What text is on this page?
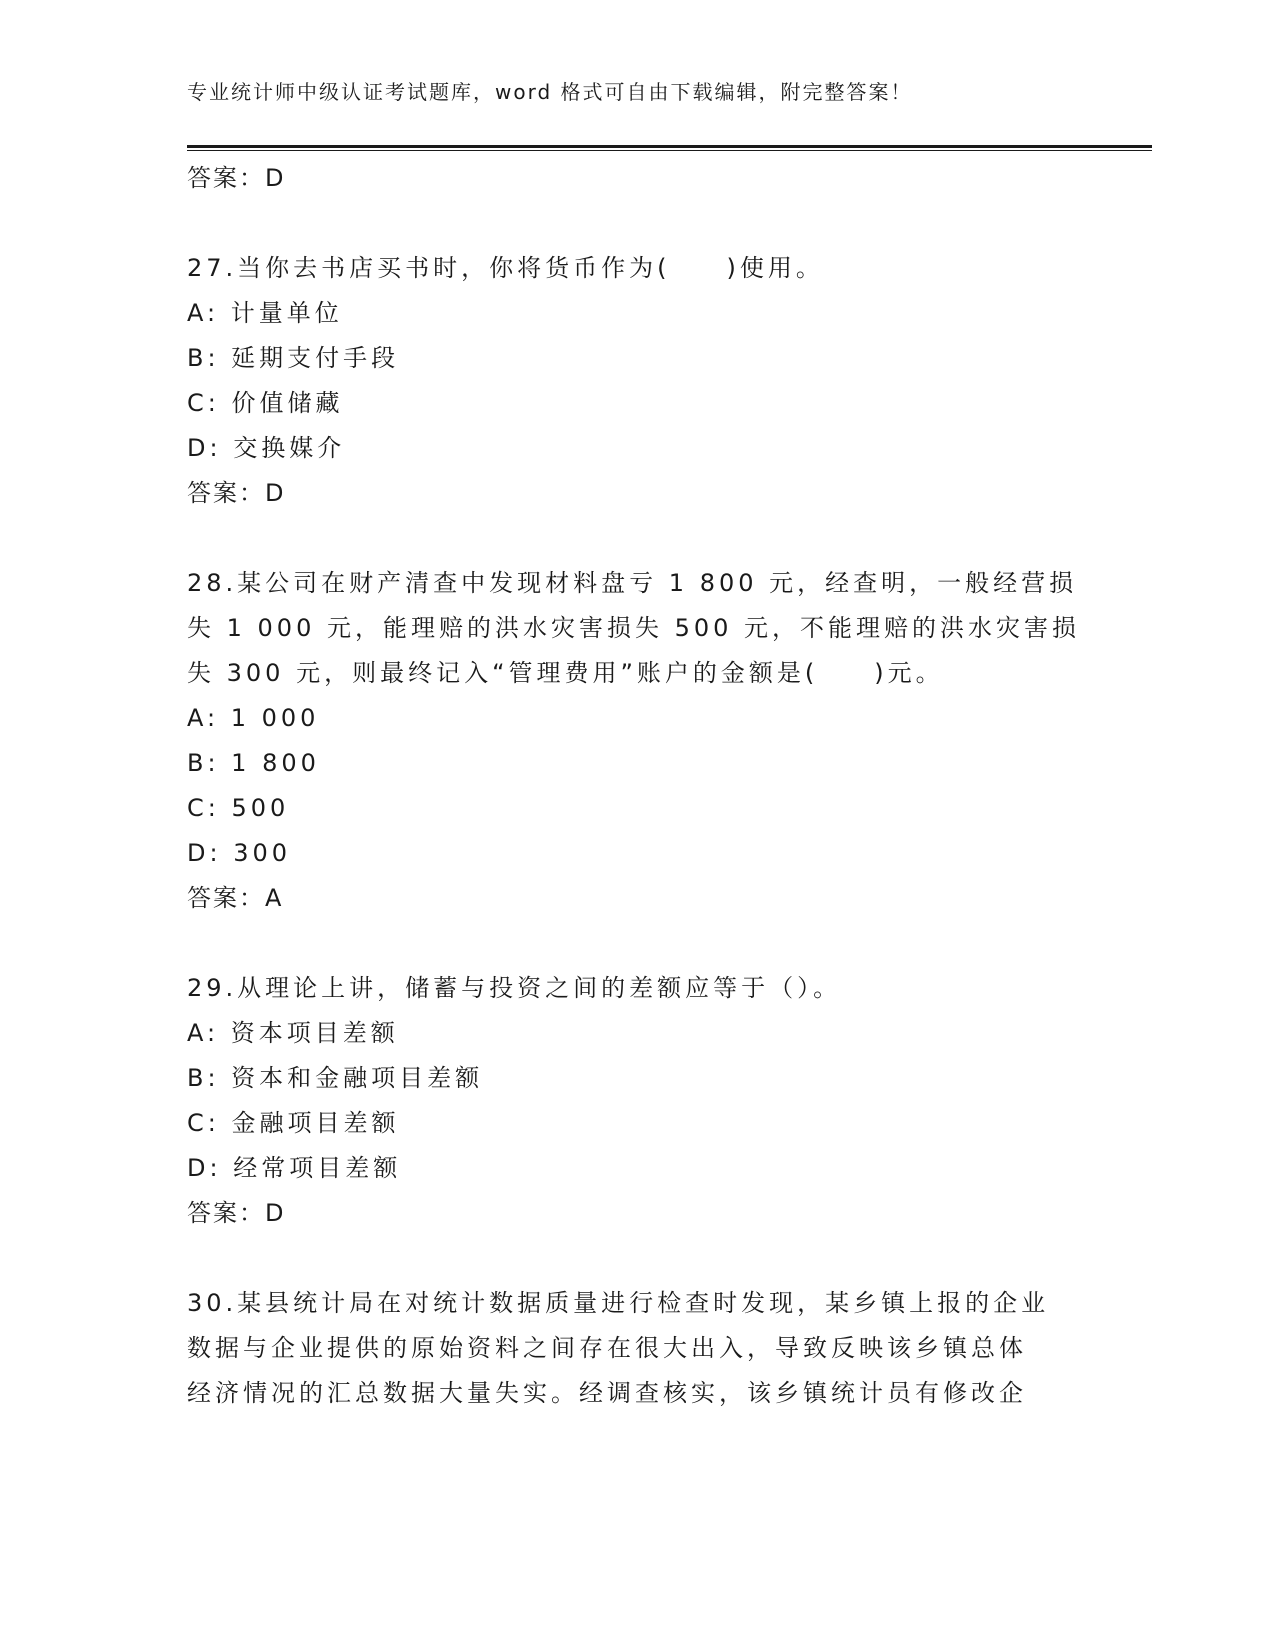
专业统计师中级认证考试题库，word 格式可自由下载编辑，附完整答案！
答案：D
27.当你去书店买书时，你将货币作为(　　)使用。
A: 计量单位
B: 延期支付手段
C: 价值储藏
D: 交换媒介
答案：D
28.某公司在财产清查中发现材料盘亏 1 800 元，经查明，一般经营损
失 1 000 元，能理赔的洪水灾害损失 500 元，不能理赔的洪水灾害损
失 300 元，则最终记入“管理费用”账户的金额是(　　)元。
A: 1 000
B: 1 800
C: 500
D: 300
答案：A
29.从理论上讲，储蓄与投资之间的差额应等于（）。
A: 资本项目差额
B: 资本和金融项目差额
C: 金融项目差额
D: 经常项目差额
答案：D
30.某县统计局在对统计数据质量进行检查时发现，某乡镇上报的企业
数据与企业提供的原始资料之间存在很大出入，导致反映该乡镇总体
经济情况的汇总数据大量失实。经调查核实，该乡镇统计员有修改企
